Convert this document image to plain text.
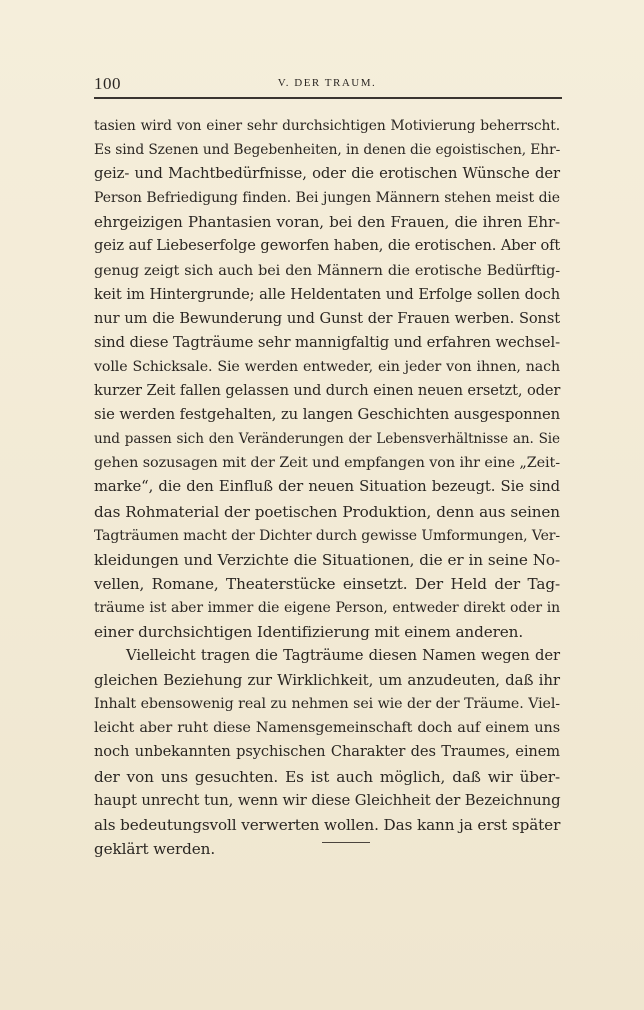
100	V. DER TRAUM.
tasien wird von einer sehr durchsichtigen Motivierung beherrscht.
Es sind Szenen und Begebenheiten, in denen die egoistischen, Ehr-
geiz- und Machtbedürfnisse, oder die erotischen Wünsche der
Person Befriedigung finden. Bei jungen Männern stehen meist die
ehrgeizigen Phantasien voran, bei den Frauen, die ihren Ehr-
geiz auf Liebeserfolge geworfen haben, die erotischen. Aber oft
genug zeigt sich auch bei den Männern die erotische Bedürftig-
keit im Hintergrunde; alle Heldentaten und Erfolge sollen doch
nur um die Bewunderung und Gunst der Frauen werben. Sonst
sind diese Tagträume sehr mannigfaltig und erfahren wechsel-
volle Schicksale. Sie werden entweder, ein jeder von ihnen, nach
kurzer Zeit fallen gelassen und durch einen neuen ersetzt, oder
sie werden festgehalten, zu langen Geschichten ausgesponnen
und passen sich den Veränderungen der Lebensverhältnisse an. Sie
gehen sozusagen mit der Zeit und empfangen von ihr eine „Zeit-
marke“, die den Einfluß der neuen Situation bezeugt. Sie sind
das Rohmaterial der poetischen Produktion, denn aus seinen
Tagträumen macht der Dichter durch gewisse Umformungen, Ver-
kleidungen und Verzichte die Situationen, die er in seine No-
vellen, Romane, Theaterstücke einsetzt. Der Held der Tag-
träume ist aber immer die eigene Person, entweder direkt oder in
einer durchsichtigen Identifizierung mit einem anderen.
Vielleicht tragen die Tagträume diesen Namen wegen der
gleichen Beziehung zur Wirklichkeit, um anzudeuten, daß ihr
Inhalt ebensowenig real zu nehmen sei wie der der Träume. Viel-
leicht aber ruht diese Namensgemeinschaft doch auf einem uns
noch unbekannten psychischen Charakter des Traumes, einem
der von uns gesuchten. Es ist auch möglich, daß wir über-
haupt unrecht tun, wenn wir diese Gleichheit der Bezeichnung
als bedeutungsvoll verwerten wollen. Das kann ja erst später
geklärt werden.
